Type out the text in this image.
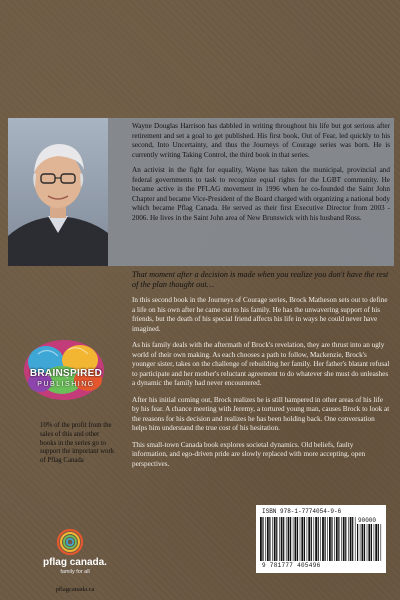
Wayne Douglas Harrison has dabbled in writing throughout his life but got serious after retirement and set a goal to get published. His first book, Out of Fear, led quickly to his second, Into Uncertainty, and thus the Journeys of Courage series was born. He is currently writing Taking Control, the third book in that series.

An activist in the fight for equality, Wayne has taken the municipal, provincial and federal governments to task to recognize equal rights for the LGBT community. He became active in the PFLAG movement in 1996 when he co-founded the Saint John Chapter and became Vice-President of the Board charged with organizing a national body which became Pflag Canada. He served as their first Executive Director from 2003 - 2006. He lives in the Saint John area of New Brunswick with his husband Ross.

That moment after a decision is made when you realize you don't have the rest of the plan thought out…

In this second book in the Journeys of Courage series, Brock Matheson sets out to define a life on his own after he came out to his family. He has the unwavering support of his friends, but the death of his special friend affects his life in ways he could never have imagined.

As his family deals with the aftermath of Brock's revelation, they are thrust into an ugly world of their own making. As each chooses a path to follow, Mackenzie, Brock's younger sister, takes on the challenge of rebuilding her family. Her father's blatant refusal to participate and her mother's reluctant agreement to do whatever she must do unleashes a dynamic the family had never encountered.

After his initial coming out, Brock realizes he is still hampered in other areas of his life by his fear. A chance meeting with Jeremy, a tortured young man, causes Brock to look at the reasons for his decision and realizes he has been holding back. One conversation helps him understand the true cost of his hesitation.

This small-town Canada book explores societal dynamics. Old beliefs, faulty information, and ego-driven pride are slowly replaced with more accepting, open perspectives.

BRAINSPIRED
PUBLISHING
10% of the profit from the sales of this and other books in the series go to support the important work of Pflag Canada
pflag canada.
family for all
pflagcanada.ca
ISBN 978-1-7774054-9-6
90000
9 781777 405496
